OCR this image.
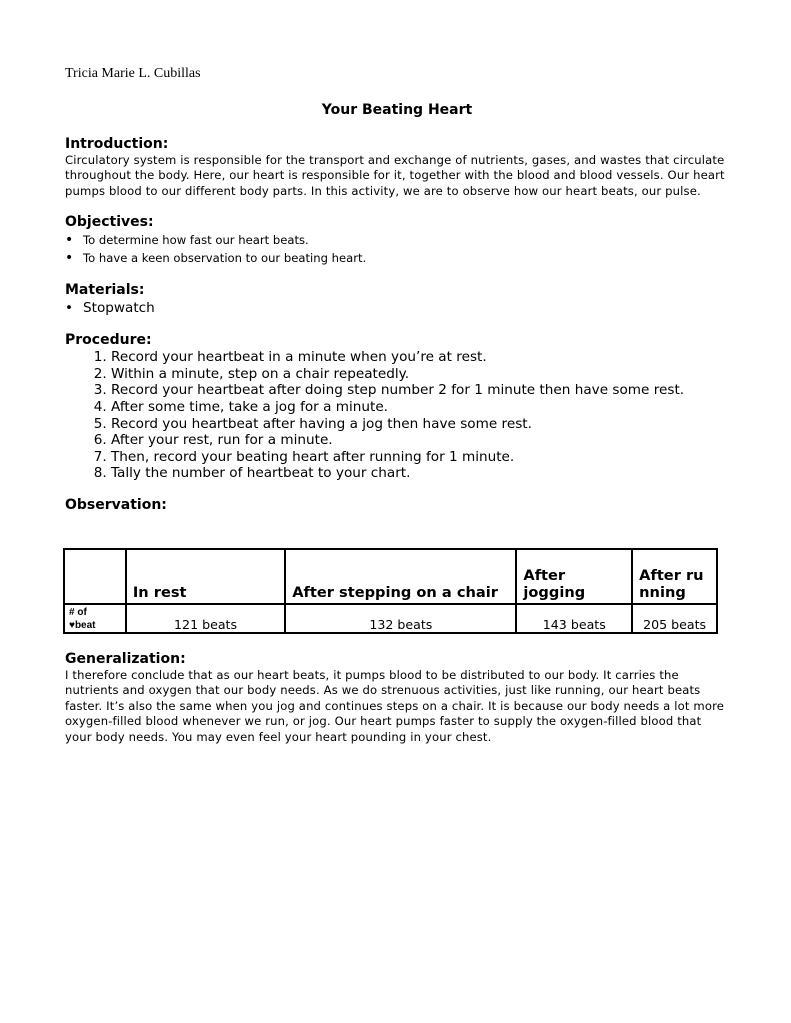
Tricia Marie L. Cubillas

Your Beating Heart

Introduction:

Circulatory system is responsible for the transport and exchange of nutrients, gases, and wastes that circulate throughout the body. Here, our heart is responsible for it, together with the blood and blood vessels. Our heart pumps blood to our different body parts. In this activity, we are to observe how our heart beats, our pulse.

Objectives:
• To determine how fast our heart beats.
• To have a keen observation to our beating heart.
Materials:
• Stopwatch
Procedure:
1. Record your heartbeat in a minute when you’re at rest.
2. Within a minute, step on a chair repeatedly.
3. Record your heartbeat after doing step number 2 for 1 minute then have some rest.
4. After some time, take a jog for a minute.
5. Record you heartbeat after having a jog then have some rest.
6. After your rest, run for a minute.
7. Then, record your beating heart after running for 1 minute.
8. Tally the number of heartbeat to your chart.
Observation:
	In rest	After stepping on a chair	After jogging	After running
# of
♥beat	121 beats	132 beats	143 beats	205 beats
Generalization:

I therefore conclude that as our heart beats, it pumps blood to be distributed to our body. It carries the nutrients and oxygen that our body needs. As we do strenuous activities, just like running, our heart beats faster. It’s also the same when you jog and continues steps on a chair. It is because our body needs a lot more oxygen-filled blood whenever we run, or jog. Our heart pumps faster to supply the oxygen-filled blood that your body needs. You may even feel your heart pounding in your chest.
